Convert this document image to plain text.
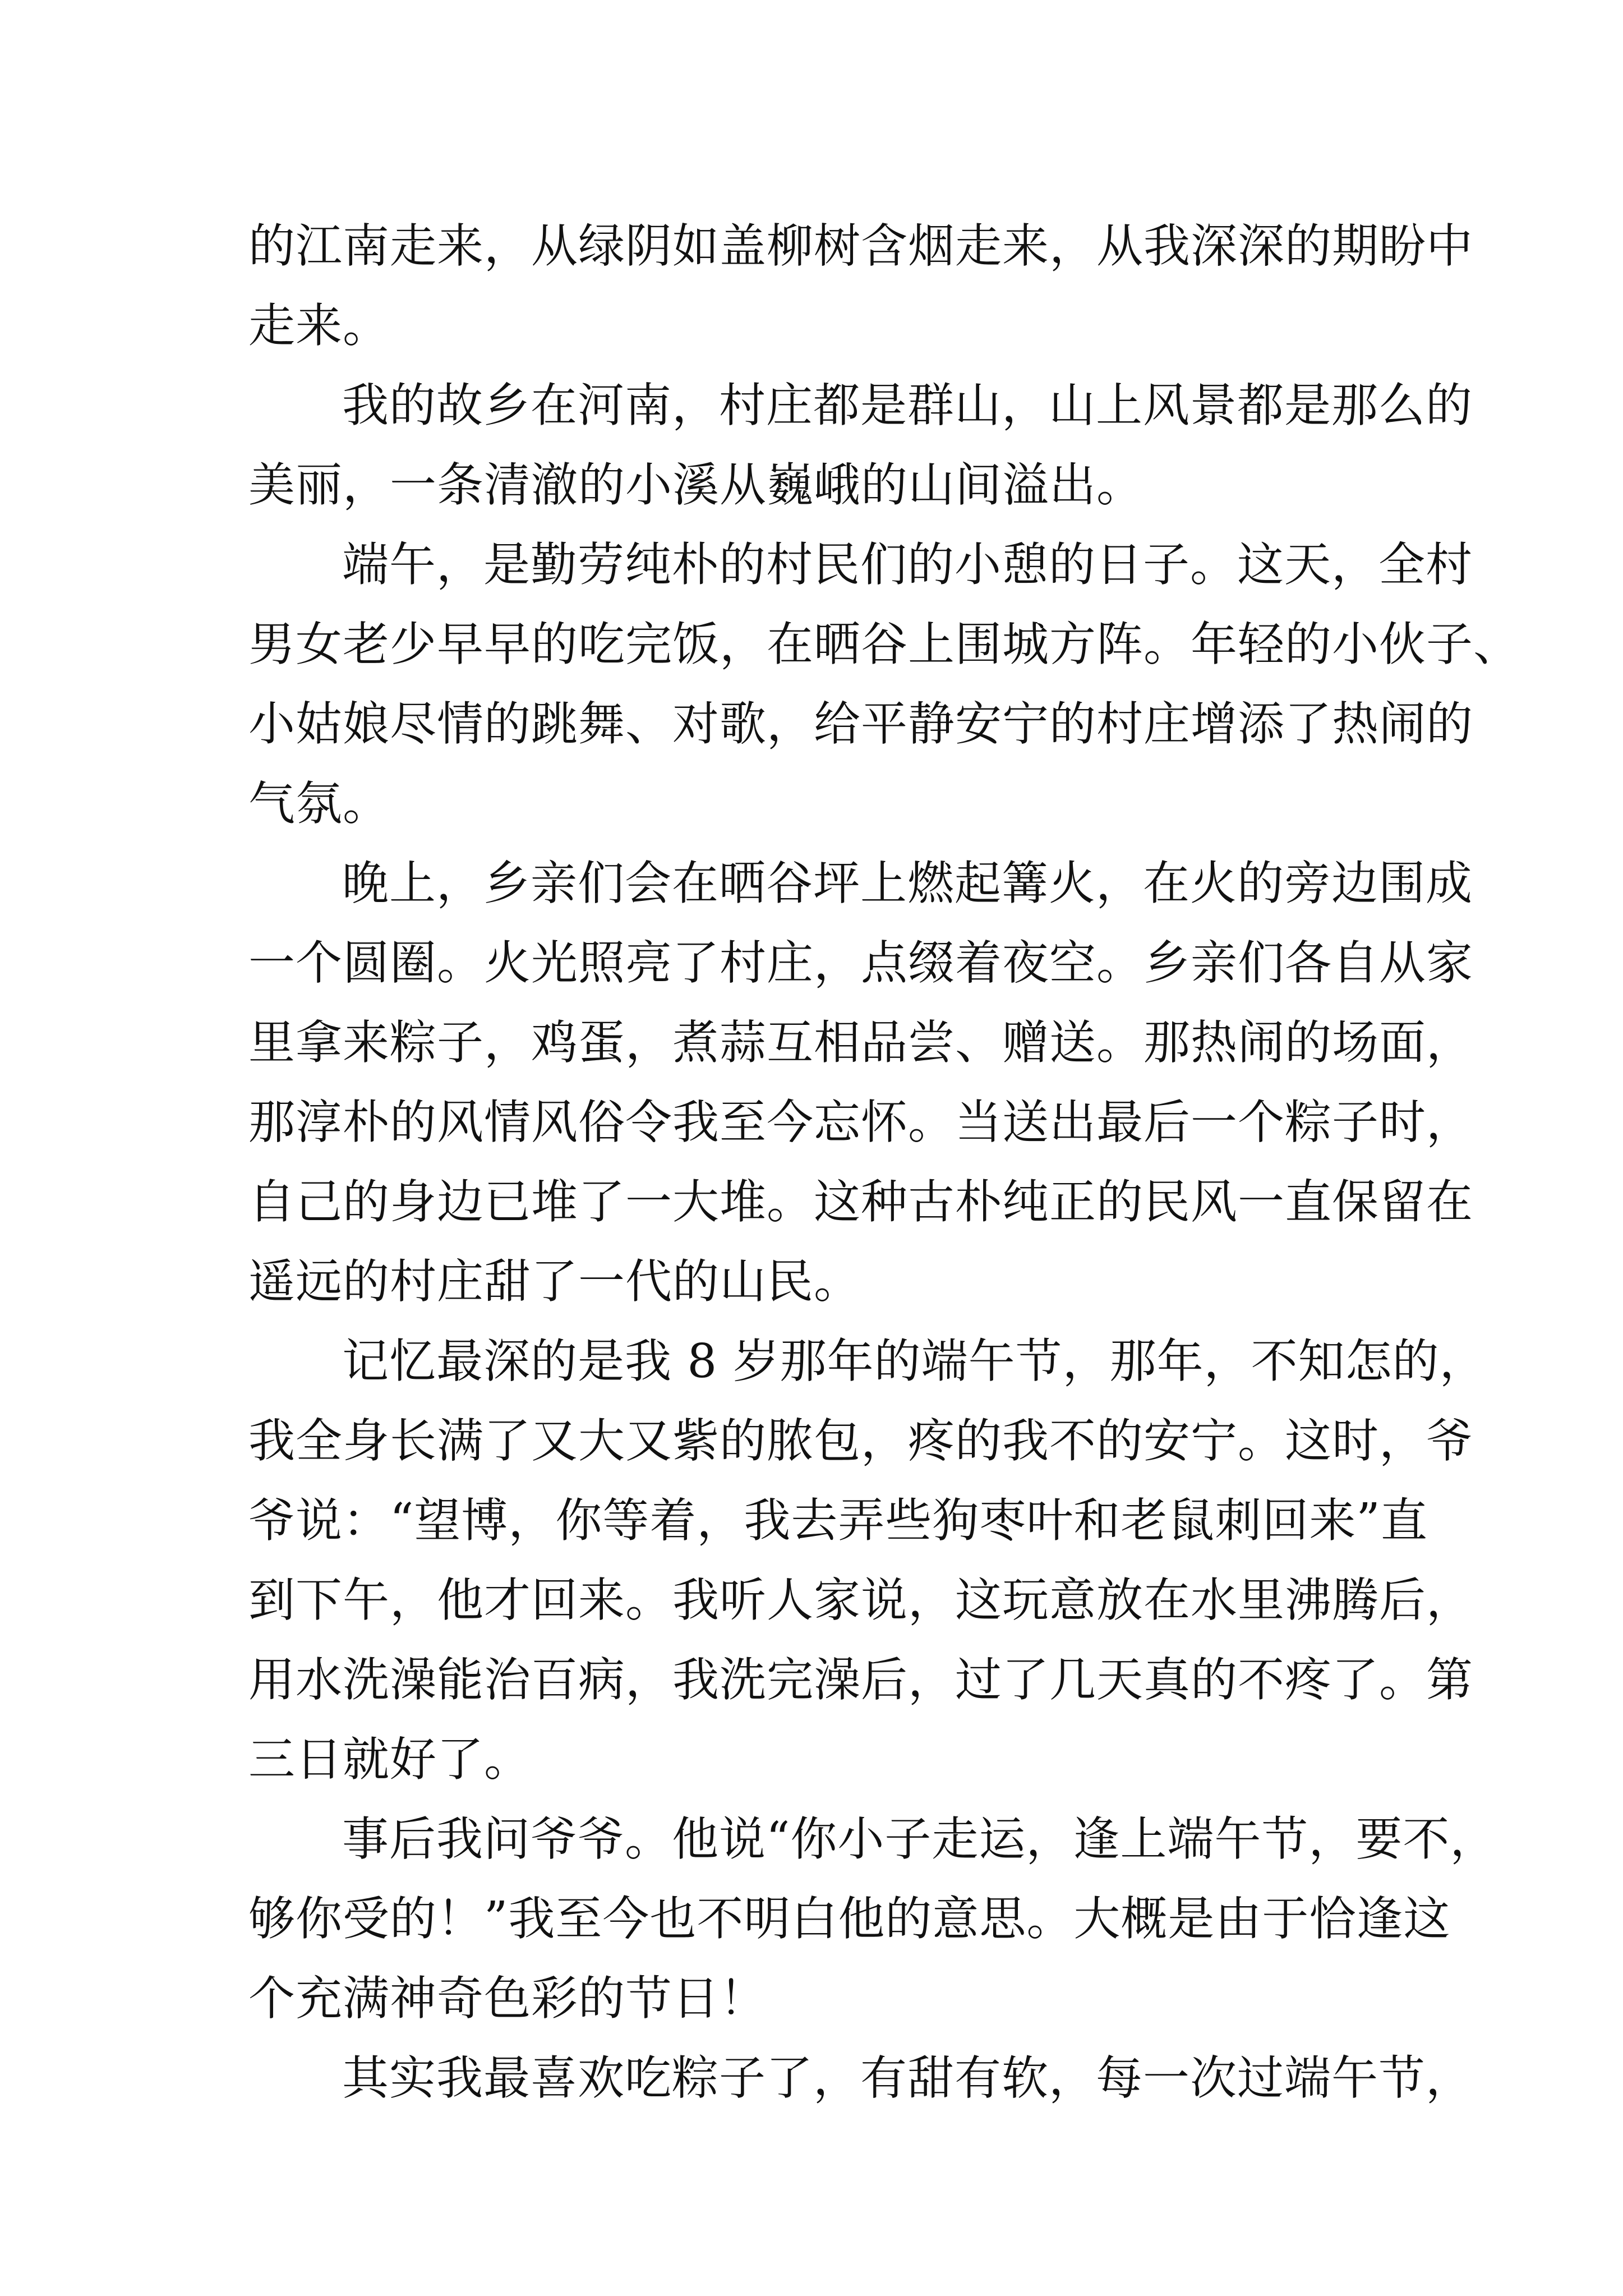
的江南走来，从绿阴如盖柳树含烟走来，从我深深的期盼中
走来。
我的故乡在河南，村庄都是群山，山上风景都是那么的
美丽，一条清澈的小溪从巍峨的山间溢出。
端午，是勤劳纯朴的村民们的小憩的日子。这天，全村
男女老少早早的吃完饭，在晒谷上围城方阵。年轻的小伙子、
小姑娘尽情的跳舞、对歌，给平静安宁的村庄增添了热闹的
气氛。
晚上，乡亲们会在晒谷坪上燃起篝火，在火的旁边围成
一个圆圈。火光照亮了村庄，点缀着夜空。乡亲们各自从家
里拿来粽子，鸡蛋，煮蒜互相品尝、赠送。那热闹的场面，
那淳朴的风情风俗令我至今忘怀。当送出最后一个粽子时，
自己的身边已堆了一大堆。这种古朴纯正的民风一直保留在
遥远的村庄甜了一代的山民。
记忆最深的是我 8 岁那年的端午节，那年，不知怎的，
我全身长满了又大又紫的脓包，疼的我不的安宁。这时，爷
爷说：“望博，你等着，我去弄些狗枣叶和老鼠刺回来”直
到下午，他才回来。我听人家说，这玩意放在水里沸腾后，
用水洗澡能治百病，我洗完澡后，过了几天真的不疼了。第
三日就好了。
事后我问爷爷。他说“你小子走运，逢上端午节，要不，
够你受的！”我至今也不明白他的意思。大概是由于恰逢这
个充满神奇色彩的节日！
其实我最喜欢吃粽子了，有甜有软，每一次过端午节，
